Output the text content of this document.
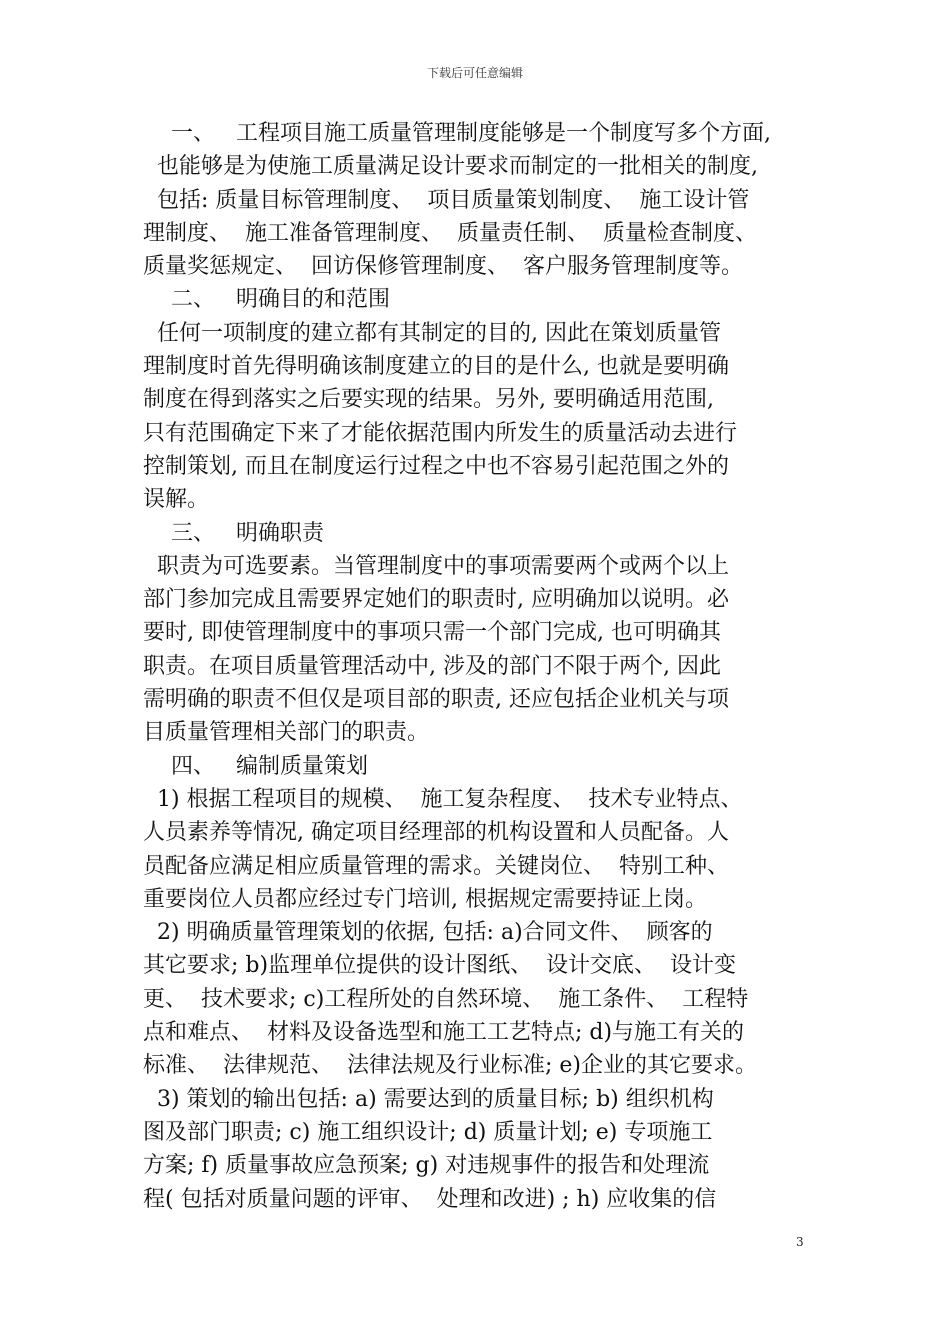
下载后可任意编辑
一、   工程项目施工质量管理制度能够是一个制度写多个方面,
也能够是为使施工质量满足设计要求而制定的一批相关的制度,
包括: 质量目标管理制度、  项目质量策划制度、  施工设计管
理制度、  施工准备管理制度、  质量责任制、  质量检查制度、
质量奖惩规定、  回访保修管理制度、  客户服务管理制度等。
二、   明确目的和范围
任何一项制度的建立都有其制定的目的, 因此在策划质量管
理制度时首先得明确该制度建立的目的是什么, 也就是要明确
制度在得到落实之后要实现的结果。另外, 要明确适用范围,
只有范围确定下来了才能依据范围内所发生的质量活动去进行
控制策划, 而且在制度运行过程之中也不容易引起范围之外的
误解。
三、   明确职责
职责为可选要素。当管理制度中的事项需要两个或两个以上
部门参加完成且需要界定她们的职责时, 应明确加以说明。必
要时, 即使管理制度中的事项只需一个部门完成, 也可明确其
职责。在项目质量管理活动中, 涉及的部门不限于两个, 因此
需明确的职责不但仅是项目部的职责, 还应包括企业机关与项
目质量管理相关部门的职责。
四、   编制质量策划
1) 根据工程项目的规模、  施工复杂程度、  技术专业特点、
人员素养等情况, 确定项目经理部的机构设置和人员配备。人
员配备应满足相应质量管理的需求。关键岗位、  特别工种、
重要岗位人员都应经过专门培训, 根据规定需要持证上岗。
2) 明确质量管理策划的依据, 包括: a)合同文件、  顾客的
其它要求; b)监理单位提供的设计图纸、  设计交底、  设计变
更、  技术要求; c)工程所处的自然环境、  施工条件、  工程特
点和难点、  材料及设备选型和施工工艺特点; d)与施工有关的
标准、  法律规范、  法律法规及行业标准; e)企业的其它要求。
3) 策划的输出包括: a) 需要达到的质量目标; b) 组织机构
图及部门职责; c) 施工组织设计; d) 质量计划; e) 专项施工
方案; f) 质量事故应急预案; g) 对违规事件的报告和处理流
程( 包括对质量问题的评审、  处理和改进) ; h) 应收集的信
3
